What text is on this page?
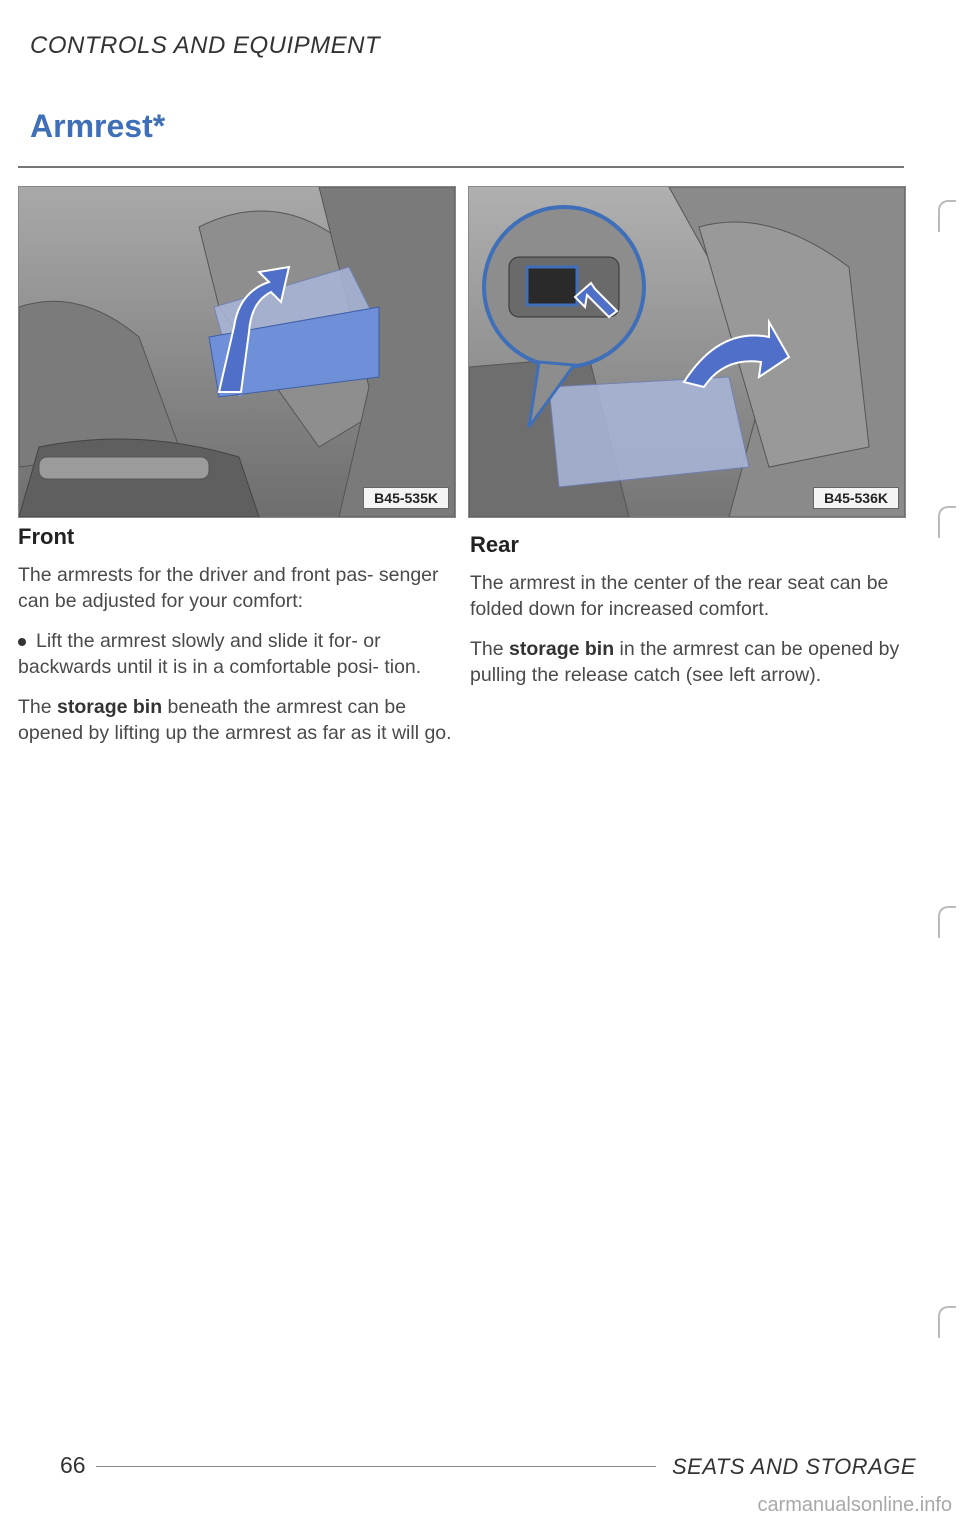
CONTROLS AND EQUIPMENT
Armrest*
B45-535K	B45-536K
Front

The armrests for the driver and front pas- senger can be adjusted for your comfort:

Lift the armrest slowly and slide it for- or backwards until it is in a comfortable posi- tion.

The storage bin beneath the armrest can be opened by lifting up the armrest as far as it will go.

Rear

The armrest in the center of the rear seat can be folded down for increased comfort.

The storage bin in the armrest can be opened by pulling the release catch (see left arrow).

66	SEATS AND STORAGE
carmanualsonline.info
